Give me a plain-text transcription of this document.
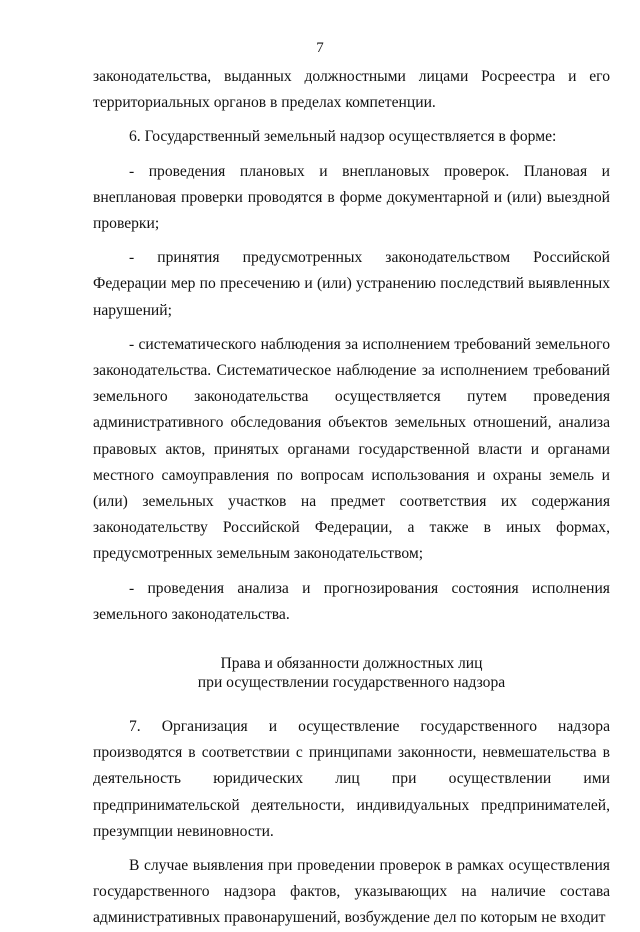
7

законодательства, выданных должностными лицами Росреестра и его территориальных органов в пределах компетенции.

6. Государственный земельный надзор осуществляется в форме:

- проведения плановых и внеплановых проверок. Плановая и внеплановая проверки проводятся в форме документарной и (или) выездной проверки;

- принятия предусмотренных законодательством Российской Федерации мер по пресечению и (или) устранению последствий выявленных нарушений;

- систематического наблюдения за исполнением требований земельного законодательства. Систематическое наблюдение за исполнением требований земельного законодательства осуществляется путем проведения административного обследования объектов земельных отношений, анализа правовых актов, принятых органами государственной власти и органами местного самоуправления по вопросам использования и охраны земель и (или) земельных участков на предмет соответствия их содержания законодательству Российской Федерации, а также в иных формах, предусмотренных земельным законодательством;

- проведения анализа и прогнозирования состояния исполнения земельного законодательства.

Права и обязанности должностных лиц
при осуществлении государственного надзора

7. Организация и осуществление государственного надзора производятся в соответствии с принципами законности, невмешательства в деятельность юридических лиц при осуществлении ими предпринимательской деятельности, индивидуальных предпринимателей, презумпции невиновности.

В случае выявления при проведении проверок в рамках осуществления государственного надзора фактов, указывающих на наличие состава административных правонарушений, возбуждение дел по которым не входит
